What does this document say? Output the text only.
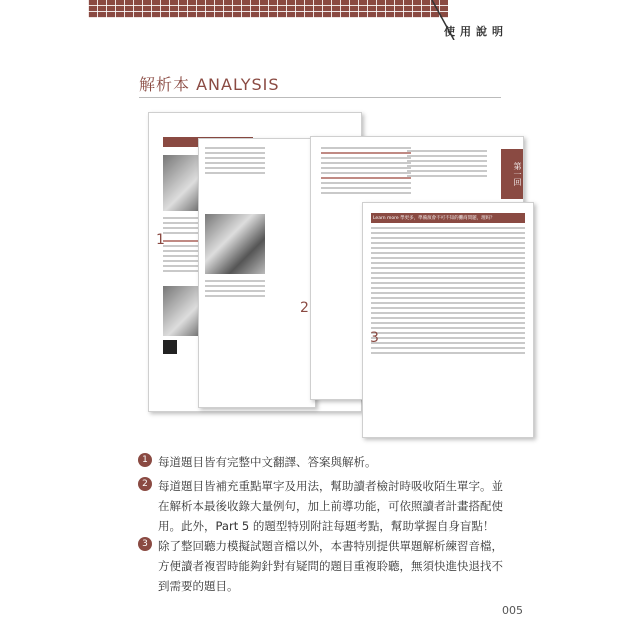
使用說明
解析本 ANALYSIS
第一回
Learn more 學更多，準備演會不可不知的攤商問題，理吗？
1
2
3
1 每道題目皆有完整中文翻譯、答案與解析。
2 每道題目皆補充重點單字及用法，幫助讀者檢討時吸收陌生單字。並在解析本最後收錄大量例句，加上前導功能，可依照讀者計畫搭配使用。此外，Part 5 的題型特別附註每題考點，幫助掌握自身盲點！
3 除了整回聽力模擬試題音檔以外，本書特別提供單題解析練習音檔，方便讀者複習時能夠針對有疑問的題目重複聆聽，無須快進快退找不到需要的題目。
005
